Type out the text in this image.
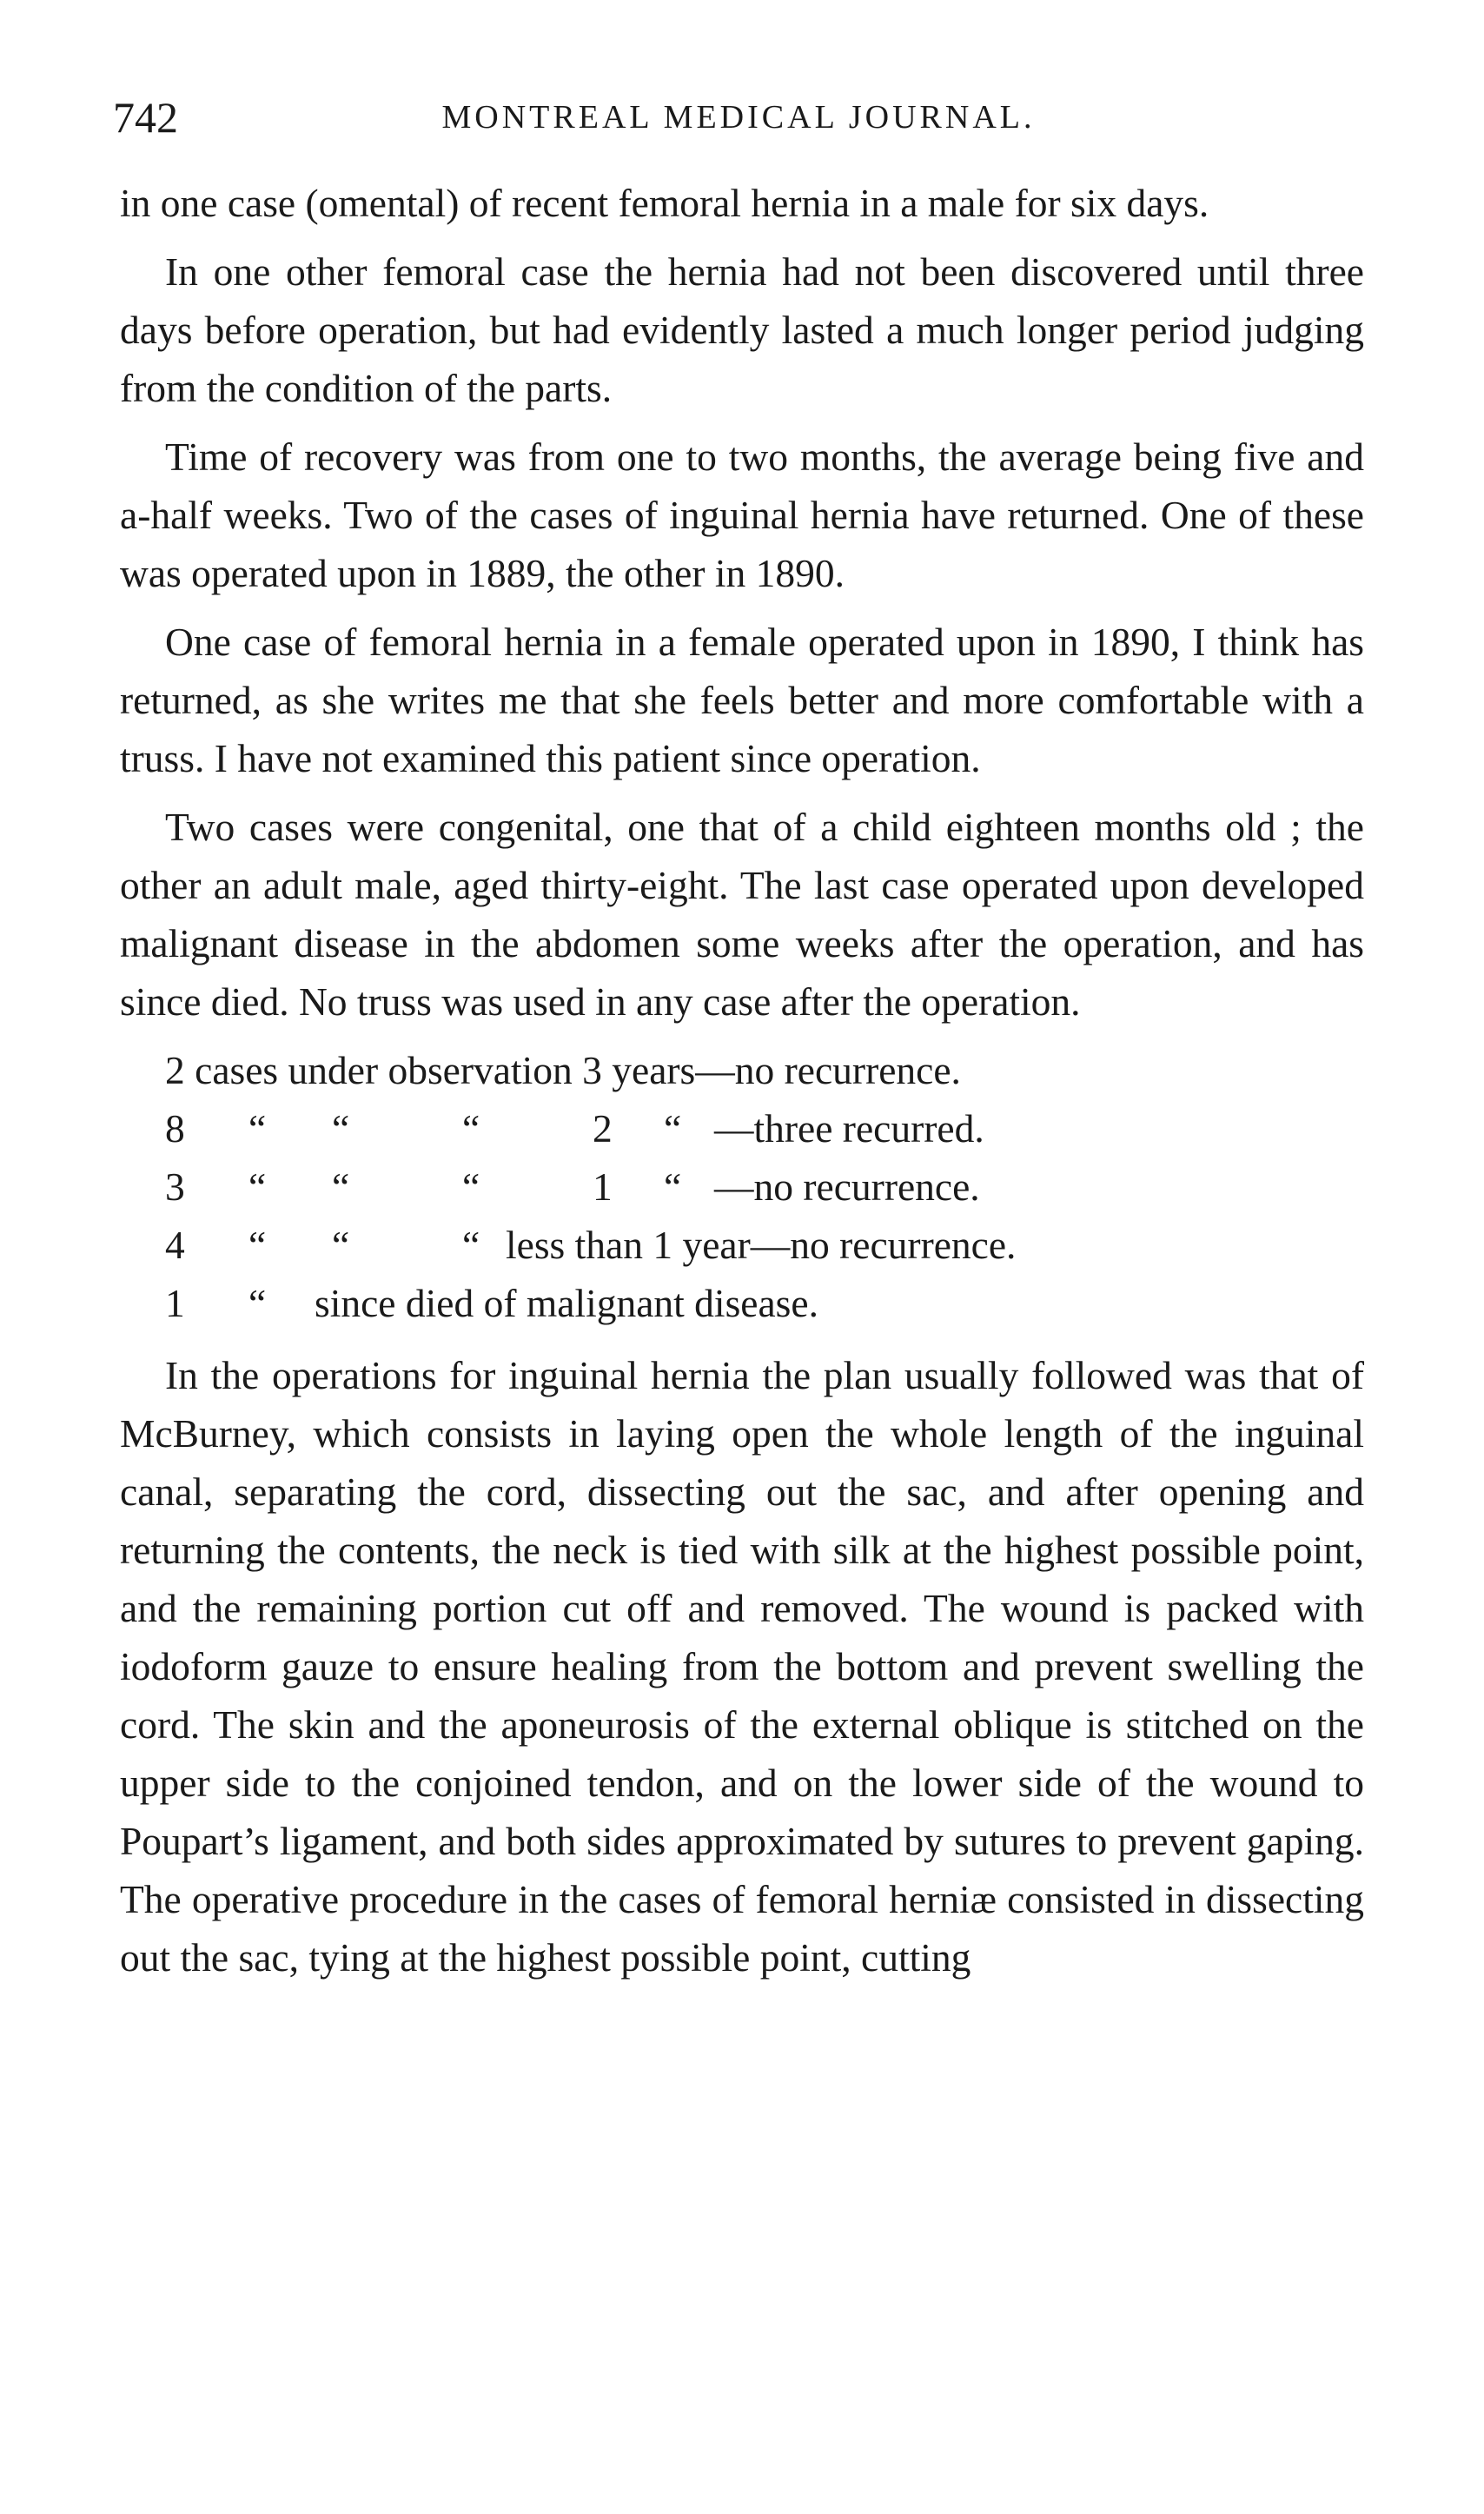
742	MONTREAL MEDICAL JOURNAL.

in one case (omental) of recent femoral hernia in a male for six days.

In one other femoral case the hernia had not been discovered until three days before operation, but had evidently lasted a much longer period judging from the condition of the parts.

Time of recovery was from one to two months, the average being five and a-half weeks. Two of the cases of inguinal hernia have returned. One of these was operated upon in 1889, the other in 1890.

One case of femoral hernia in a female operated upon in 1890, I think has returned, as she writes me that she feels better and more comfortable with a truss. I have not examined this patient since operation.

Two cases were congenital, one that of a child eighteen months old ; the other an adult male, aged thirty-eight. The last case operated upon developed malignant disease in the abdomen some weeks after the operation, and has since died. No truss was used in any case after the operation.

2 cases under observation 3 years—no recurrence.
8	“	“	“	2	“ —three recurred.
3	“	“	“	1	“ —no recurrence.
4	“	“	“ less than 1 year—no recurrence.
1	“	since died of malignant disease.

In the operations for inguinal hernia the plan usually followed was that of McBurney, which consists in laying open the whole length of the inguinal canal, separating the cord, dissecting out the sac, and after opening and returning the contents, the neck is tied with silk at the highest possible point, and the remaining portion cut off and removed. The wound is packed with iodoform gauze to ensure healing from the bottom and prevent swelling the cord. The skin and the aponeurosis of the external oblique is stitched on the upper side to the conjoined tendon, and on the lower side of the wound to Poupart’s ligament, and both sides approximated by sutures to prevent gaping. The operative procedure in the cases of femoral herniæ consisted in dissecting out the sac, tying at the highest possible point, cutting
